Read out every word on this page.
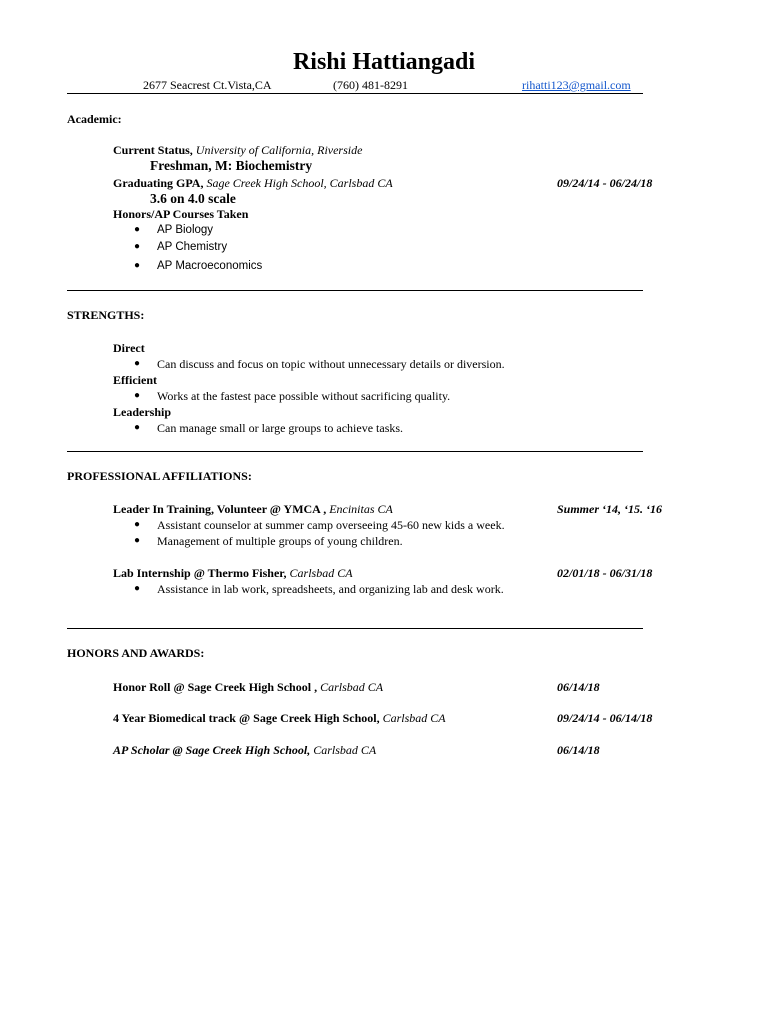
Rishi Hattiangadi
2677 Seacrest Ct.Vista,CA	(760) 481-8291	rihatti123@gmail.com
Academic:
Current Status, University of California, Riverside
Freshman, M: Biochemistry
Graduating GPA, Sage Creek High School, Carlsbad CA	09/24/14 - 06/24/18
3.6 on 4.0 scale
Honors/AP Courses Taken
● AP Biology
● AP Chemistry
● AP Macroeconomics
STRENGTHS:
Direct
● Can discuss and focus on topic without unnecessary details or diversion.
Efficient
● Works at the fastest pace possible without sacrificing quality.
Leadership
● Can manage small or large groups to achieve tasks.
PROFESSIONAL AFFILIATIONS:
Leader In Training, Volunteer @ YMCA , Encinitas CA	Summer ‘14, ‘15. ‘16
● Assistant counselor at summer camp overseeing 45-60 new kids a week.
● Management of multiple groups of young children.
Lab Internship @ Thermo Fisher, Carlsbad CA	02/01/18 - 06/31/18
● Assistance in lab work, spreadsheets, and organizing lab and desk work.
HONORS AND AWARDS:
Honor Roll @ Sage Creek High School , Carlsbad CA	06/14/18
4 Year Biomedical track @ Sage Creek High School, Carlsbad CA	09/24/14 - 06/14/18
AP Scholar @ Sage Creek High School, Carlsbad CA	06/14/18
